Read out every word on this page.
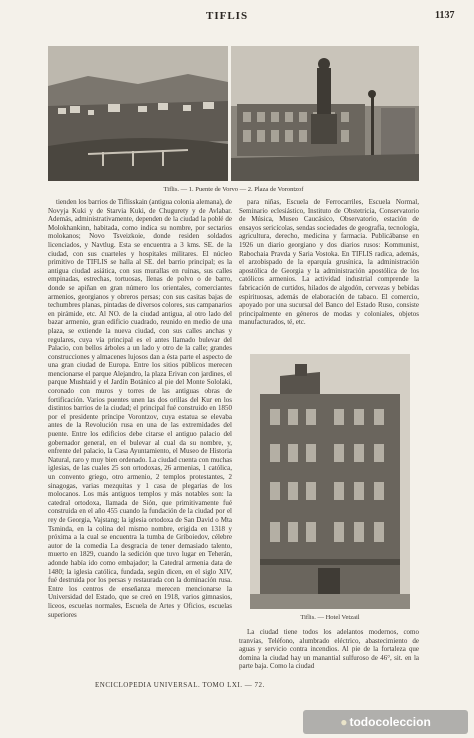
TIFLIS	1137
Tiflis. — 1. Puente de Vorvo — 2. Plaza de Vorontzof

tienden los barrios de Tiflisskain (antigua colonia alemana), de Novyja Kuki y de Starvia Kuki, de Chugurety y de Avlabar. Además, administrativamente, dependen de la ciudad la poblé de Molokhankinn, habitada, como indica su nombre, por sectarios molokanos; Novo Tsveizkoie, donde residen soldados licenciados, y Navtlug. Esta se encuentra a 3 kms. SE. de la ciudad, con sus cuarteles y hospitales militares. El núcleo primitivo de TIFLIS se halla al SE. del barrio principal; es la antigua ciudad asiática, con sus murallas en ruinas, sus calles empinadas, estrechas, tortuosas, llenas de polvo o de barro, donde se apiñan en gran número los orientales, comerciantes armenios, georgianos y obreros persas; con sus casitas bajas de techumbres planas, pintadas de diversos colores, sus campanarios en pirámide, etc. Al NO. de la ciudad antigua, al otro lado del bazar armenio, gran edificio cuadrado, reunido en medio de una plaza, se extiende la nueva ciudad, con sus calles anchas y regulares, cuya vía principal es el antes llamado bulevar del Palacio, con bellos árboles a un lado y otro de la calle; grandes construcciones y almacenes lujosos dan a ésta parte el aspecto de una gran ciudad de Europa. Entre los sitios públicos merecen mencionarse el parque Alejandro, la plaza Erivan con jardines, el parque Mushtaid y el Jardín Botánico al pie del Monte Sololaki, coronado con muros y torres de las antiguas obras de fortificación. Varios puentes unen las dos orillas del Kur en los distintos barrios de la ciudad; el principal fué construido en 1850 por el presidente príncipe Vorontzov, cuya estatua se elevaba antes de la Revolución rusa en una de las extremidades del puente. Entre los edificios debe citarse el antiguo palacio del gobernador general, en el bulevar al cual da su nombre, y, enfrente del palacio, la Casa Ayuntamiento, el Museo de Historia Natural, raro y muy bien ordenado. La ciudad cuenta con muchas iglesias, de las cuales 25 son ortodoxas, 26 armenias, 1 católica, un convento griego, otro armenio, 2 templos protestantes, 2 sinagogas, varias mezquitas y 1 casa de plegarias de los molocanos. Los más antiguos templos y más notables son: la catedral ortodoxa, llamada de Sión, que primitivamente fué construida en el año 455 cuando la fundación de la ciudad por el rey de Georgia, Vajstang; la iglesia ortodoxa de San David o Mta Tsminda, en la colina del mismo nombre, erigida en 1318 y próxima a la cual se encuentra la tumba de Griboiedov, célebre autor de la comedia La desgracia de tener demasiado talento, muerto en 1829, cuando la sedición que tuvo lugar en Teherán, adonde había ido como embajador; la Catedral armenia data de 1480; la iglesia católica, fundada, según dicen, en el siglo XIV, fué destruida por los persas y restaurada con la dominación rusa. Entre los centros de enseñanza merecen mencionarse la Universidad del Estado, que se creó en 1918, varios gimnasios, liceos, escuelas normales, Escuela de Artes y Oficios, escuelas superiores

para niñas, Escuela de Ferrocarriles, Escuela Normal, Seminario eclesiástico, Instituto de Obstetricia, Conservatorio de Música, Museo Caucásico, Observatorio, estación de ensayos sericícolas, sendas sociedades de geografía, tecnología, agricultura, derecho, medicina y farmacia. Publicábanse en 1926 un diario georgiano y dos diarios rusos: Kommunist, Rabochaia Pravda y Saria Vostoka. En TIFLIS radica, además, el arzobispado de la eparquía grusínica, la administración apostólica de Georgia y la administración apostólica de los católicos armenios. La actividad industrial comprende la fabricación de curtidos, hilados de algodón, cervezas y bebidas espirituosas, además de elaboración de tabaco. El comercio, apoyado por una sucursal del Banco del Estado Ruso, consiste principalmente en géneros de modas y coloniales, objetos manufacturados, té, etc.

Tiflis. — Hotel Vetzail

La ciudad tiene todos los adelantos modernos, como tranvías, Teléfono, alumbrado eléctrico, abastecimiento de aguas y servicio contra incendios. Al pie de la fortaleza que domina la ciudad hay un manantial sulfuroso de 46°, sit. en la parte baja. Como la ciudad

ENCICLOPEDIA UNIVERSAL. TOMO LXI. — 72.
● todocoleccion
